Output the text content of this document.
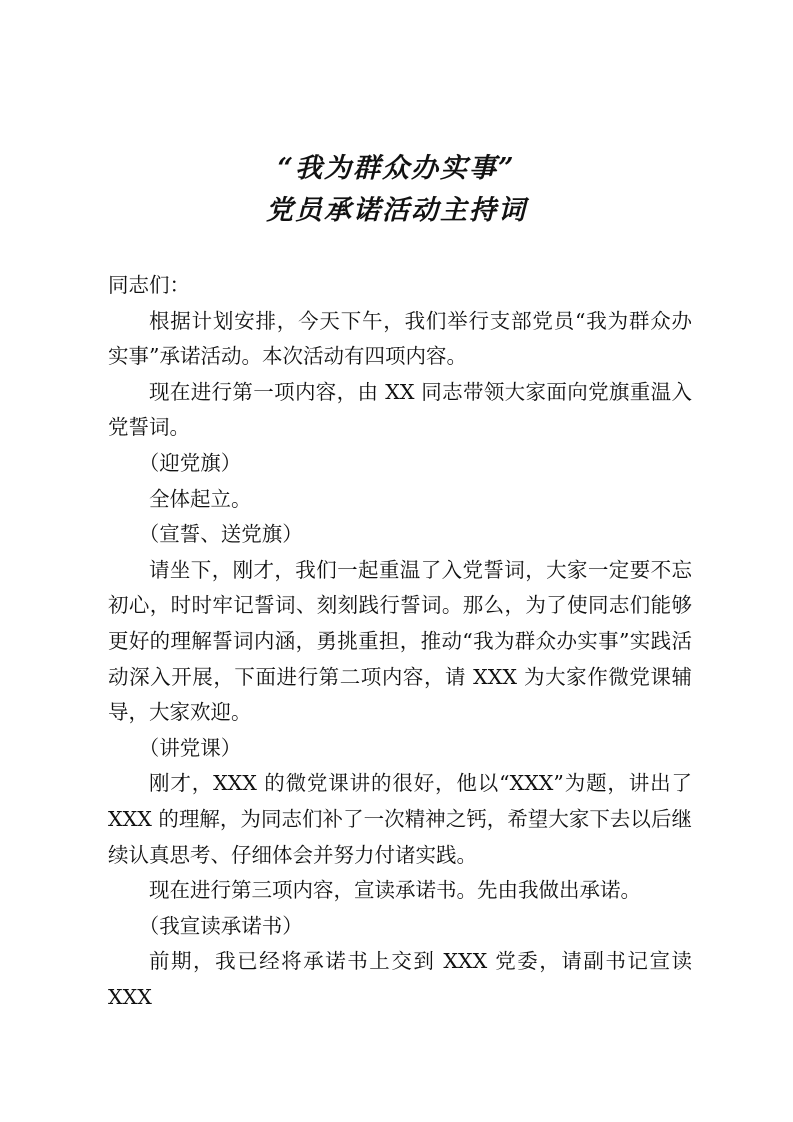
“我为群众办实事”
党员承诺活动主持词

同志们：

根据计划安排，今天下午，我们举行支部党员“我为群众办实事”承诺活动。本次活动有四项内容。

现在进行第一项内容，由 XX 同志带领大家面向党旗重温入党誓词。

（迎党旗）

全体起立。

（宣誓、送党旗）

请坐下，刚才，我们一起重温了入党誓词，大家一定要不忘初心，时时牢记誓词、刻刻践行誓词。那么，为了使同志们能够更好的理解誓词内涵，勇挑重担，推动“我为群众办实事”实践活动深入开展，下面进行第二项内容，请 XXX 为大家作微党课辅导，大家欢迎。

（讲党课）

刚才，XXX 的微党课讲的很好，他以“XXX”为题，讲出了 XXX 的理解，为同志们补了一次精神之钙，希望大家下去以后继续认真思考、仔细体会并努力付诸实践。

现在进行第三项内容，宣读承诺书。先由我做出承诺。

（我宣读承诺书）

前期，我已经将承诺书上交到 XXX 党委，请副书记宣读 XXX
